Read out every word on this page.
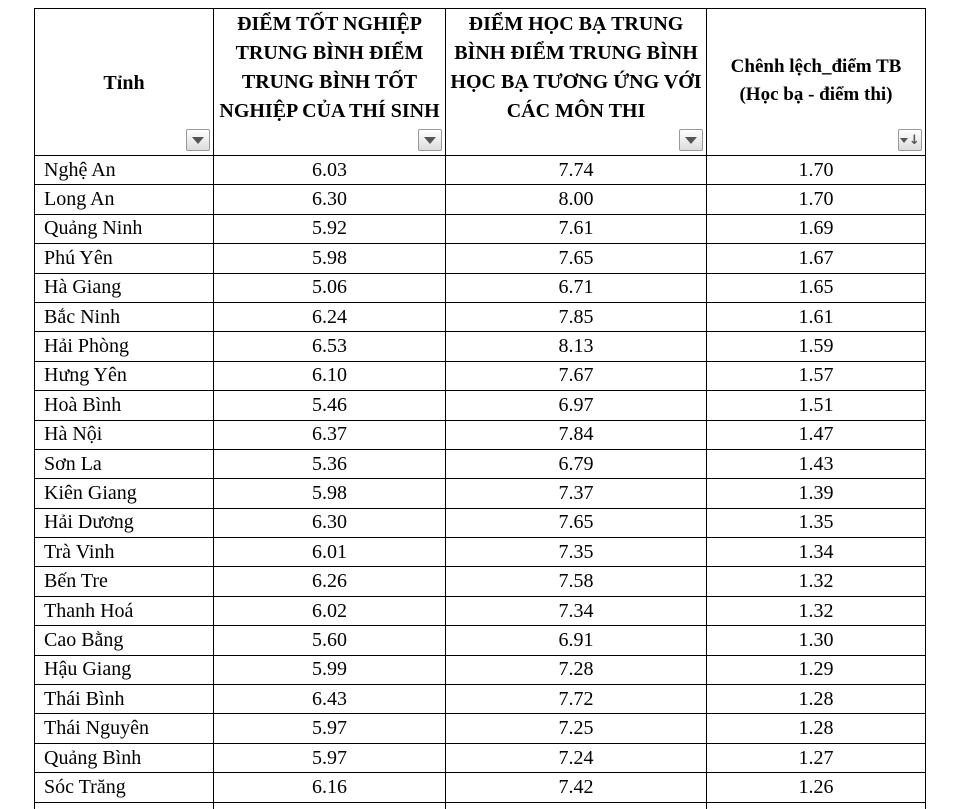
Tỉnh	ĐIỂM TỐT NGHIỆP TRUNG BÌNH ĐIỂM TRUNG BÌNH TỐT NGHIỆP CỦA THÍ SINH	ĐIỂM HỌC BẠ TRUNG BÌNH ĐIỂM TRUNG BÌNH HỌC BẠ TƯƠNG ỨNG VỚI CÁC MÔN THI	Chênh lệch_điểm TB (Học bạ - điểm thi)
↓

Nghệ An	6.03	7.74	1.70
Long An	6.30	8.00	1.70
Quảng Ninh	5.92	7.61	1.69
Phú Yên	5.98	7.65	1.67
Hà Giang	5.06	6.71	1.65
Bắc Ninh	6.24	7.85	1.61
Hải Phòng	6.53	8.13	1.59
Hưng Yên	6.10	7.67	1.57
Hoà Bình	5.46	6.97	1.51
Hà Nội	6.37	7.84	1.47
Sơn La	5.36	6.79	1.43
Kiên Giang	5.98	7.37	1.39
Hải Dương	6.30	7.65	1.35
Trà Vinh	6.01	7.35	1.34
Bến Tre	6.26	7.58	1.32
Thanh Hoá	6.02	7.34	1.32
Cao Bằng	5.60	6.91	1.30
Hậu Giang	5.99	7.28	1.29
Thái Bình	6.43	7.72	1.28
Thái Nguyên	5.97	7.25	1.28
Quảng Bình	5.97	7.24	1.27
Sóc Trăng	6.16	7.42	1.26
